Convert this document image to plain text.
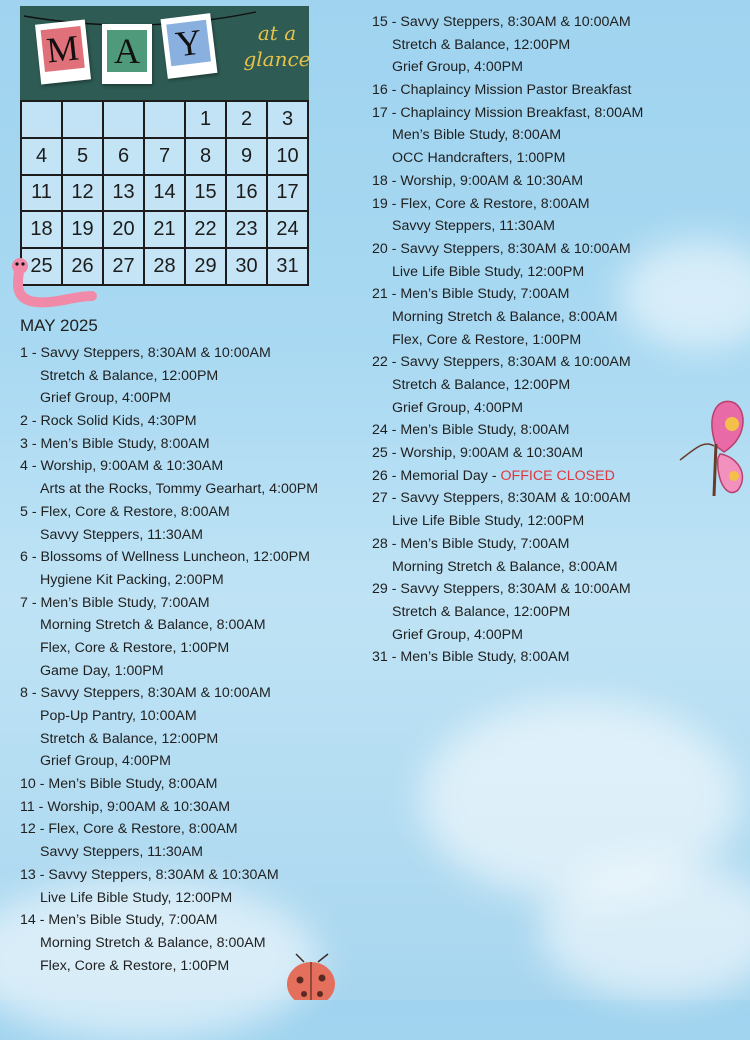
M A Y	at a
glance
				1	2	3
4	5	6	7	8	9	10
11	12	13	14	15	16	17
18	19	20	21	22	23	24
25	26	27	28	29	30	31
MAY 2025
1 - Savvy Steppers, 8:30AM & 10:00AM
Stretch & Balance, 12:00PM
Grief Group, 4:00PM
2 - Rock Solid Kids, 4:30PM
3 - Men’s Bible Study, 8:00AM
4 - Worship, 9:00AM & 10:30AM
Arts at the Rocks, Tommy Gearhart, 4:00PM
5 - Flex, Core & Restore, 8:00AM
Savvy Steppers, 11:30AM
6 - Blossoms of Wellness Luncheon, 12:00PM
Hygiene Kit Packing, 2:00PM
7 - Men’s Bible Study, 7:00AM
Morning Stretch & Balance, 8:00AM
Flex, Core & Restore, 1:00PM
Game Day, 1:00PM
8 - Savvy Steppers, 8:30AM & 10:00AM
Pop-Up Pantry, 10:00AM
Stretch & Balance, 12:00PM
Grief Group, 4:00PM
10 - Men’s Bible Study, 8:00AM
11 - Worship, 9:00AM & 10:30AM
12 - Flex, Core & Restore, 8:00AM
Savvy Steppers, 11:30AM
13 - Savvy Steppers, 8:30AM & 10:30AM
Live Life Bible Study, 12:00PM
14 - Men’s Bible Study, 7:00AM
Morning Stretch & Balance, 8:00AM
Flex, Core & Restore, 1:00PM
15 - Savvy Steppers, 8:30AM & 10:00AM
Stretch & Balance, 12:00PM
Grief Group, 4:00PM
16 - Chaplaincy Mission Pastor Breakfast
17 - Chaplaincy Mission Breakfast, 8:00AM
Men’s Bible Study, 8:00AM
OCC Handcrafters, 1:00PM
18 - Worship, 9:00AM & 10:30AM
19 - Flex, Core & Restore, 8:00AM
Savvy Steppers, 11:30AM
20 - Savvy Steppers, 8:30AM & 10:00AM
Live Life Bible Study, 12:00PM
21 - Men’s Bible Study, 7:00AM
Morning Stretch & Balance, 8:00AM
Flex, Core & Restore, 1:00PM
22 - Savvy Steppers, 8:30AM & 10:00AM
Stretch & Balance, 12:00PM
Grief Group, 4:00PM
24 - Men’s Bible Study, 8:00AM
25 - Worship, 9:00AM & 10:30AM
26 - Memorial Day - OFFICE CLOSED
27 - Savvy Steppers, 8:30AM & 10:00AM
Live Life Bible Study, 12:00PM
28 - Men’s Bible Study, 7:00AM
Morning Stretch & Balance, 8:00AM
29 - Savvy Steppers, 8:30AM & 10:00AM
Stretch & Balance, 12:00PM
Grief Group, 4:00PM
31 - Men’s Bible Study, 8:00AM
